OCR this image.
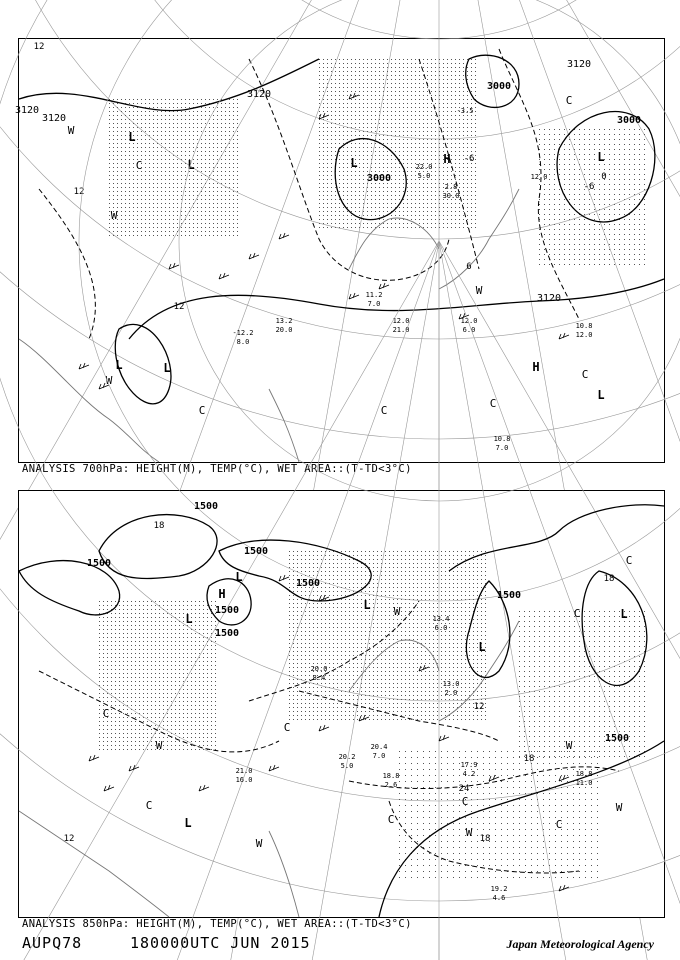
3120
3120
3120
3000
3120
3000
3000
3120
L
L
L
L	L
H
L	H
L
W
C
W
C	C
W
C
C
W
C
12
12
12
-6
-6
0
6
10.8
7.0
10.8
12.0
12.0
21.0
12.0
6.0
11.2
7.0
13.2
20.0
-12.2
8.0
22.0
5.0
2.8
30.0
-3.5
12.0
ANALYSIS 700hPa: HEIGHT(M), TEMP(°C), WET AREA::(T-TD<3°C)
1500
1500
1500
1500
1500
1500
1500
1500
H
L	L
L
L
L
L W
C
W
C
W
C
C
W
C
W
C
W
C
C
18
18
18
12
12
18
24
19.2
4.6
18.8
11.0
17.9
4.2
18.8
2.6
20.4
7.0
13.0
2.0
13.4
6.0
20.2
5.0
21.0
16.0
20.0
8.4
ANALYSIS 850hPa: HEIGHT(M), TEMP(°C), WET AREA::(T-TD<3°C)
AUPQ78	180000UTC JUN 2015	Japan Meteorological Agency
